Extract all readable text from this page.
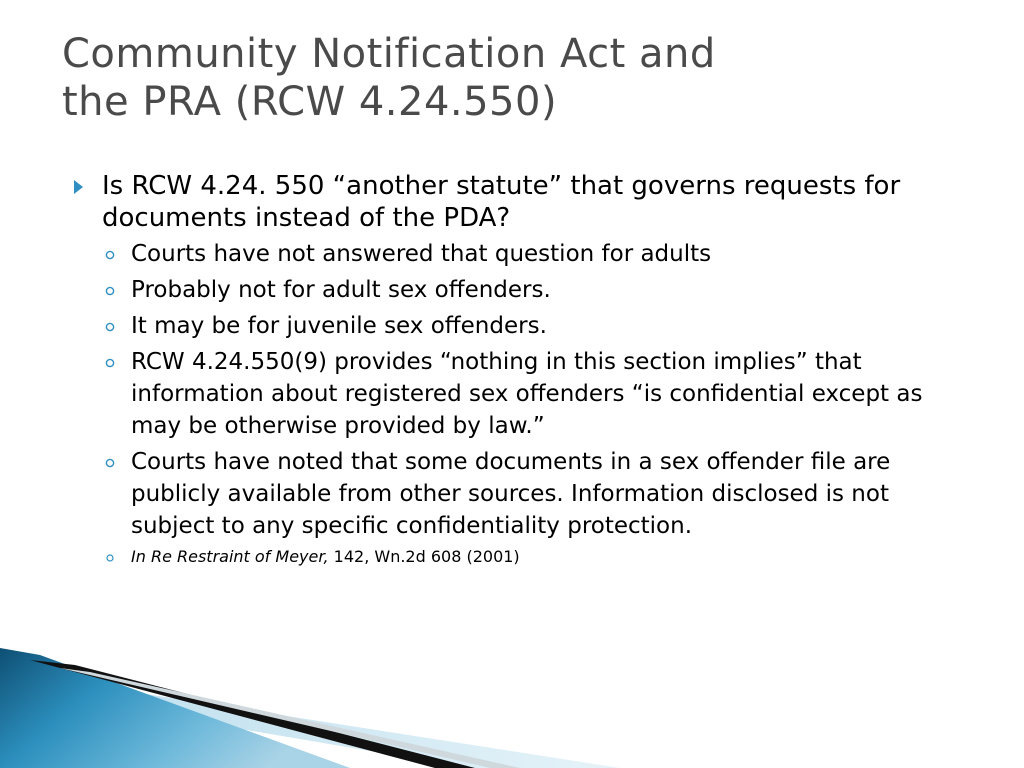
Community Notification Act and
the PRA (RCW 4.24.550)
Is RCW 4.24. 550 “another statute” that governs requests for documents instead of the PDA?
Courts have not answered that question for adults
Probably not for adult sex offenders.
It may be for juvenile sex offenders.
RCW 4.24.550(9) provides “nothing in this section implies” that information about registered sex offenders “is confidential except as may be otherwise provided by law.”
Courts have noted that some documents in a sex offender file are publicly available from other sources. Information disclosed is not subject to any specific confidentiality protection.
In Re Restraint of Meyer, 142, Wn.2d 608 (2001)
